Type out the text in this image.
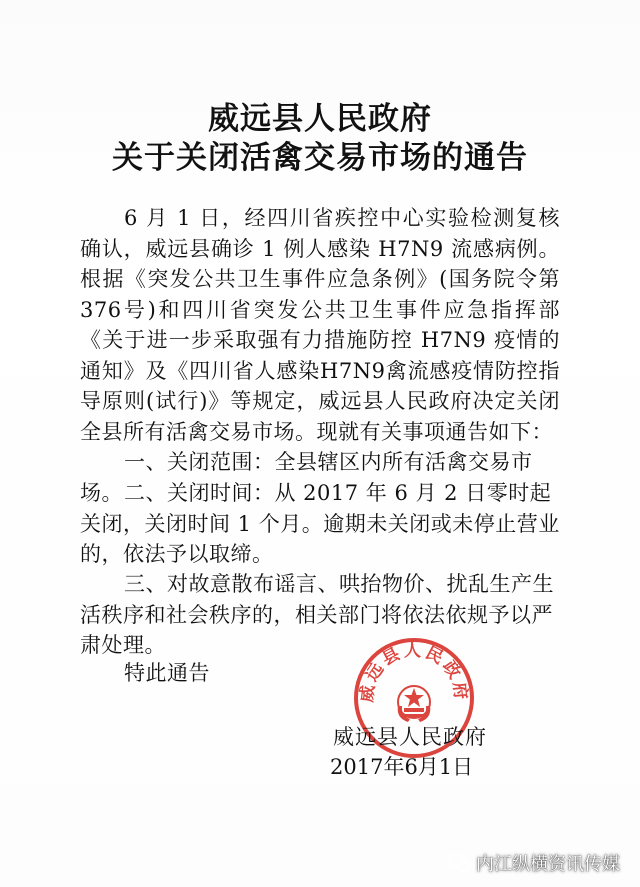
威远县人民政府
关于关闭活禽交易市场的通告
6 月 1 日，经四川省疾控中心实验检测复核确认，威远县确诊 1 例人感染 H7N9 流感病例。根据《突发公共卫生事件应急条例》(国务院令第376号)和四川省突发公共卫生事件应急指挥部《关于进一步采取强有力措施防控 H7N9 疫情的通知》及《四川省人感染H7N9禽流感疫情防控指导原则(试行)》等规定，威远县人民政府决定关闭全县所有活禽交易市场。现就有关事项通告如下：
一、关闭范围：全县辖区内所有活禽交易市场。 二、关闭时间：从 2017 年 6 月 2 日零时起关闭，关闭时间 1 个月。逾期未关闭或未停止营业的，依法予以取缔。
三、对故意散布谣言、哄抬物价、扰乱生产生活秩序和社会秩序的，相关部门将依法依规予以严肃处理。
特此通告
威远县人民政府
威远县人民政府
2017年6月1日
内江纵横资讯传媒
